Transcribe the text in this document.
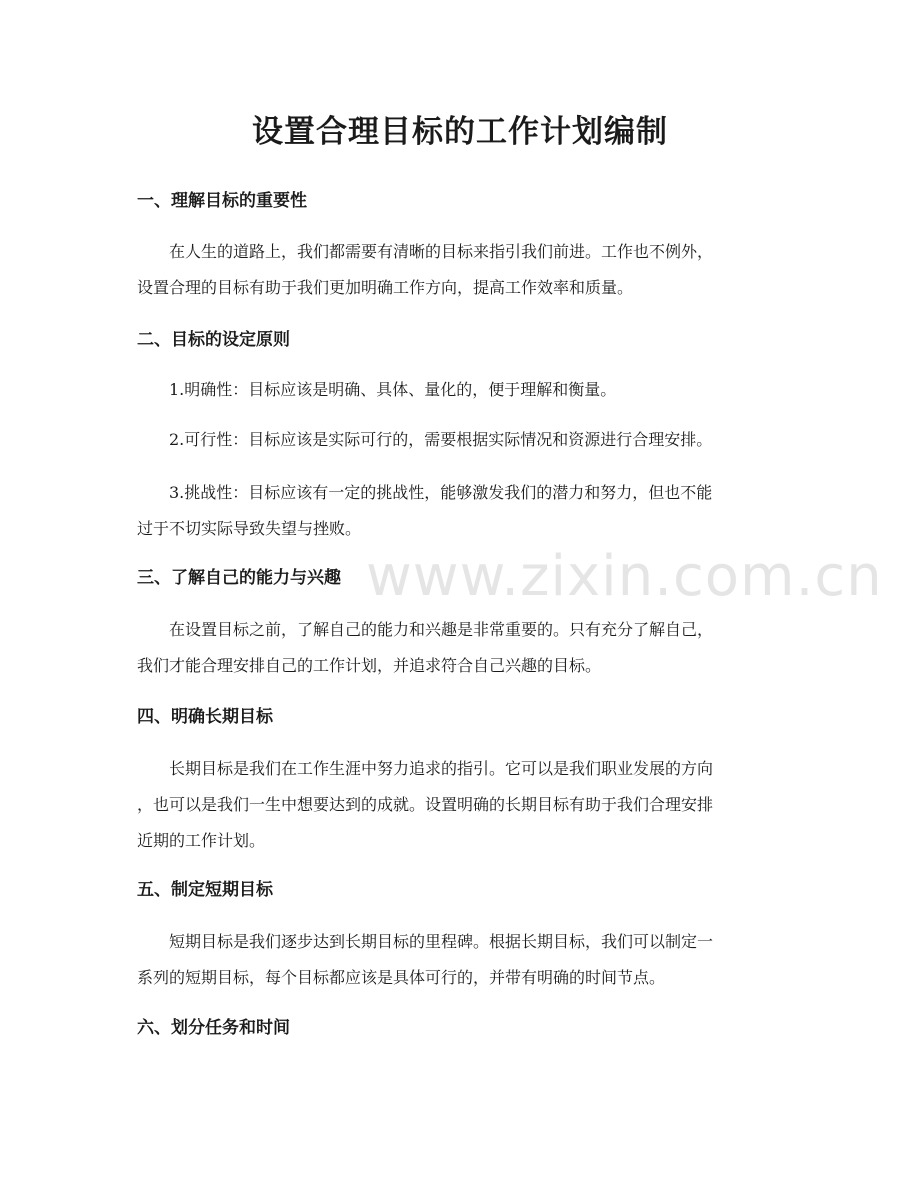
设置合理目标的工作计划编制
www.zixin.com.cn
一、理解目标的重要性
在人生的道路上，我们都需要有清晰的目标来指引我们前进。工作也不例外，
设置合理的目标有助于我们更加明确工作方向，提高工作效率和质量。
二、目标的设定原则
1.明确性：目标应该是明确、具体、量化的，便于理解和衡量。
2.可行性：目标应该是实际可行的，需要根据实际情况和资源进行合理安排。
3.挑战性：目标应该有一定的挑战性，能够激发我们的潜力和努力，但也不能
过于不切实际导致失望与挫败。
三、了解自己的能力与兴趣
在设置目标之前，了解自己的能力和兴趣是非常重要的。只有充分了解自己，
我们才能合理安排自己的工作计划，并追求符合自己兴趣的目标。
四、明确长期目标
长期目标是我们在工作生涯中努力追求的指引。它可以是我们职业发展的方向
，也可以是我们一生中想要达到的成就。设置明确的长期目标有助于我们合理安排
近期的工作计划。
五、制定短期目标
短期目标是我们逐步达到长期目标的里程碑。根据长期目标，我们可以制定一
系列的短期目标，每个目标都应该是具体可行的，并带有明确的时间节点。
六、划分任务和时间
